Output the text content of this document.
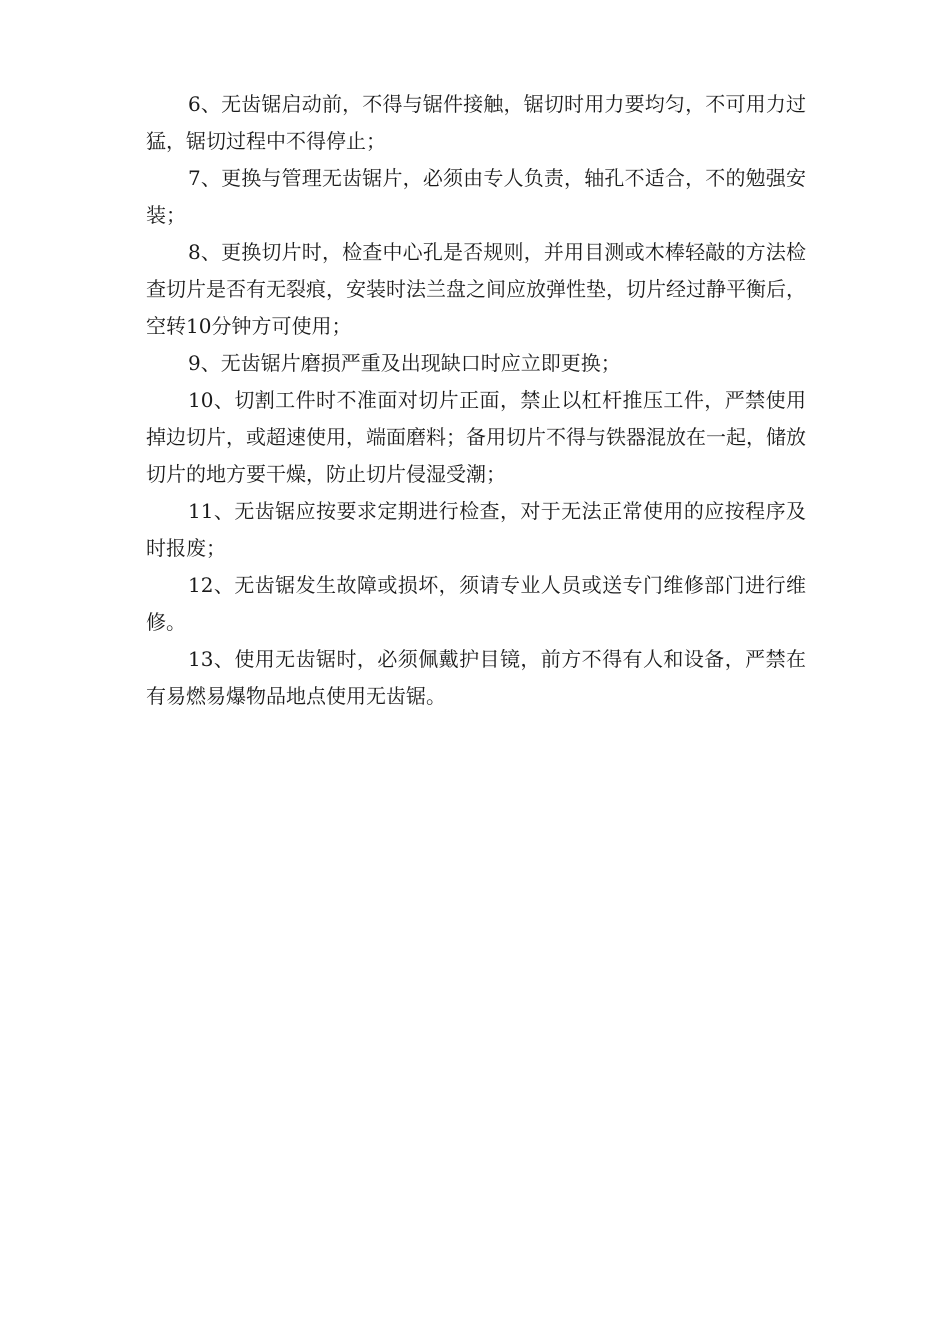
6、无齿锯启动前，不得与锯件接触，锯切时用力要均匀，不可用力过猛，锯切过程中不得停止；

7、更换与管理无齿锯片，必须由专人负责，轴孔不适合，不的勉强安装；

8、更换切片时，检查中心孔是否规则，并用目测或木棒轻敲的方法检查切片是否有无裂痕，安装时法兰盘之间应放弹性垫，切片经过静平衡后，空转10分钟方可使用；

9、无齿锯片磨损严重及出现缺口时应立即更换；

10、切割工件时不准面对切片正面，禁止以杠杆推压工件，严禁使用掉边切片，或超速使用，端面磨料；备用切片不得与铁器混放在一起，储放切片的地方要干燥，防止切片侵湿受潮；

11、无齿锯应按要求定期进行检查，对于无法正常使用的应按程序及时报废；

12、无齿锯发生故障或损坏，须请专业人员或送专门维修部门进行维修。

13、使用无齿锯时，必须佩戴护目镜，前方不得有人和设备，严禁在有易燃易爆物品地点使用无齿锯。
